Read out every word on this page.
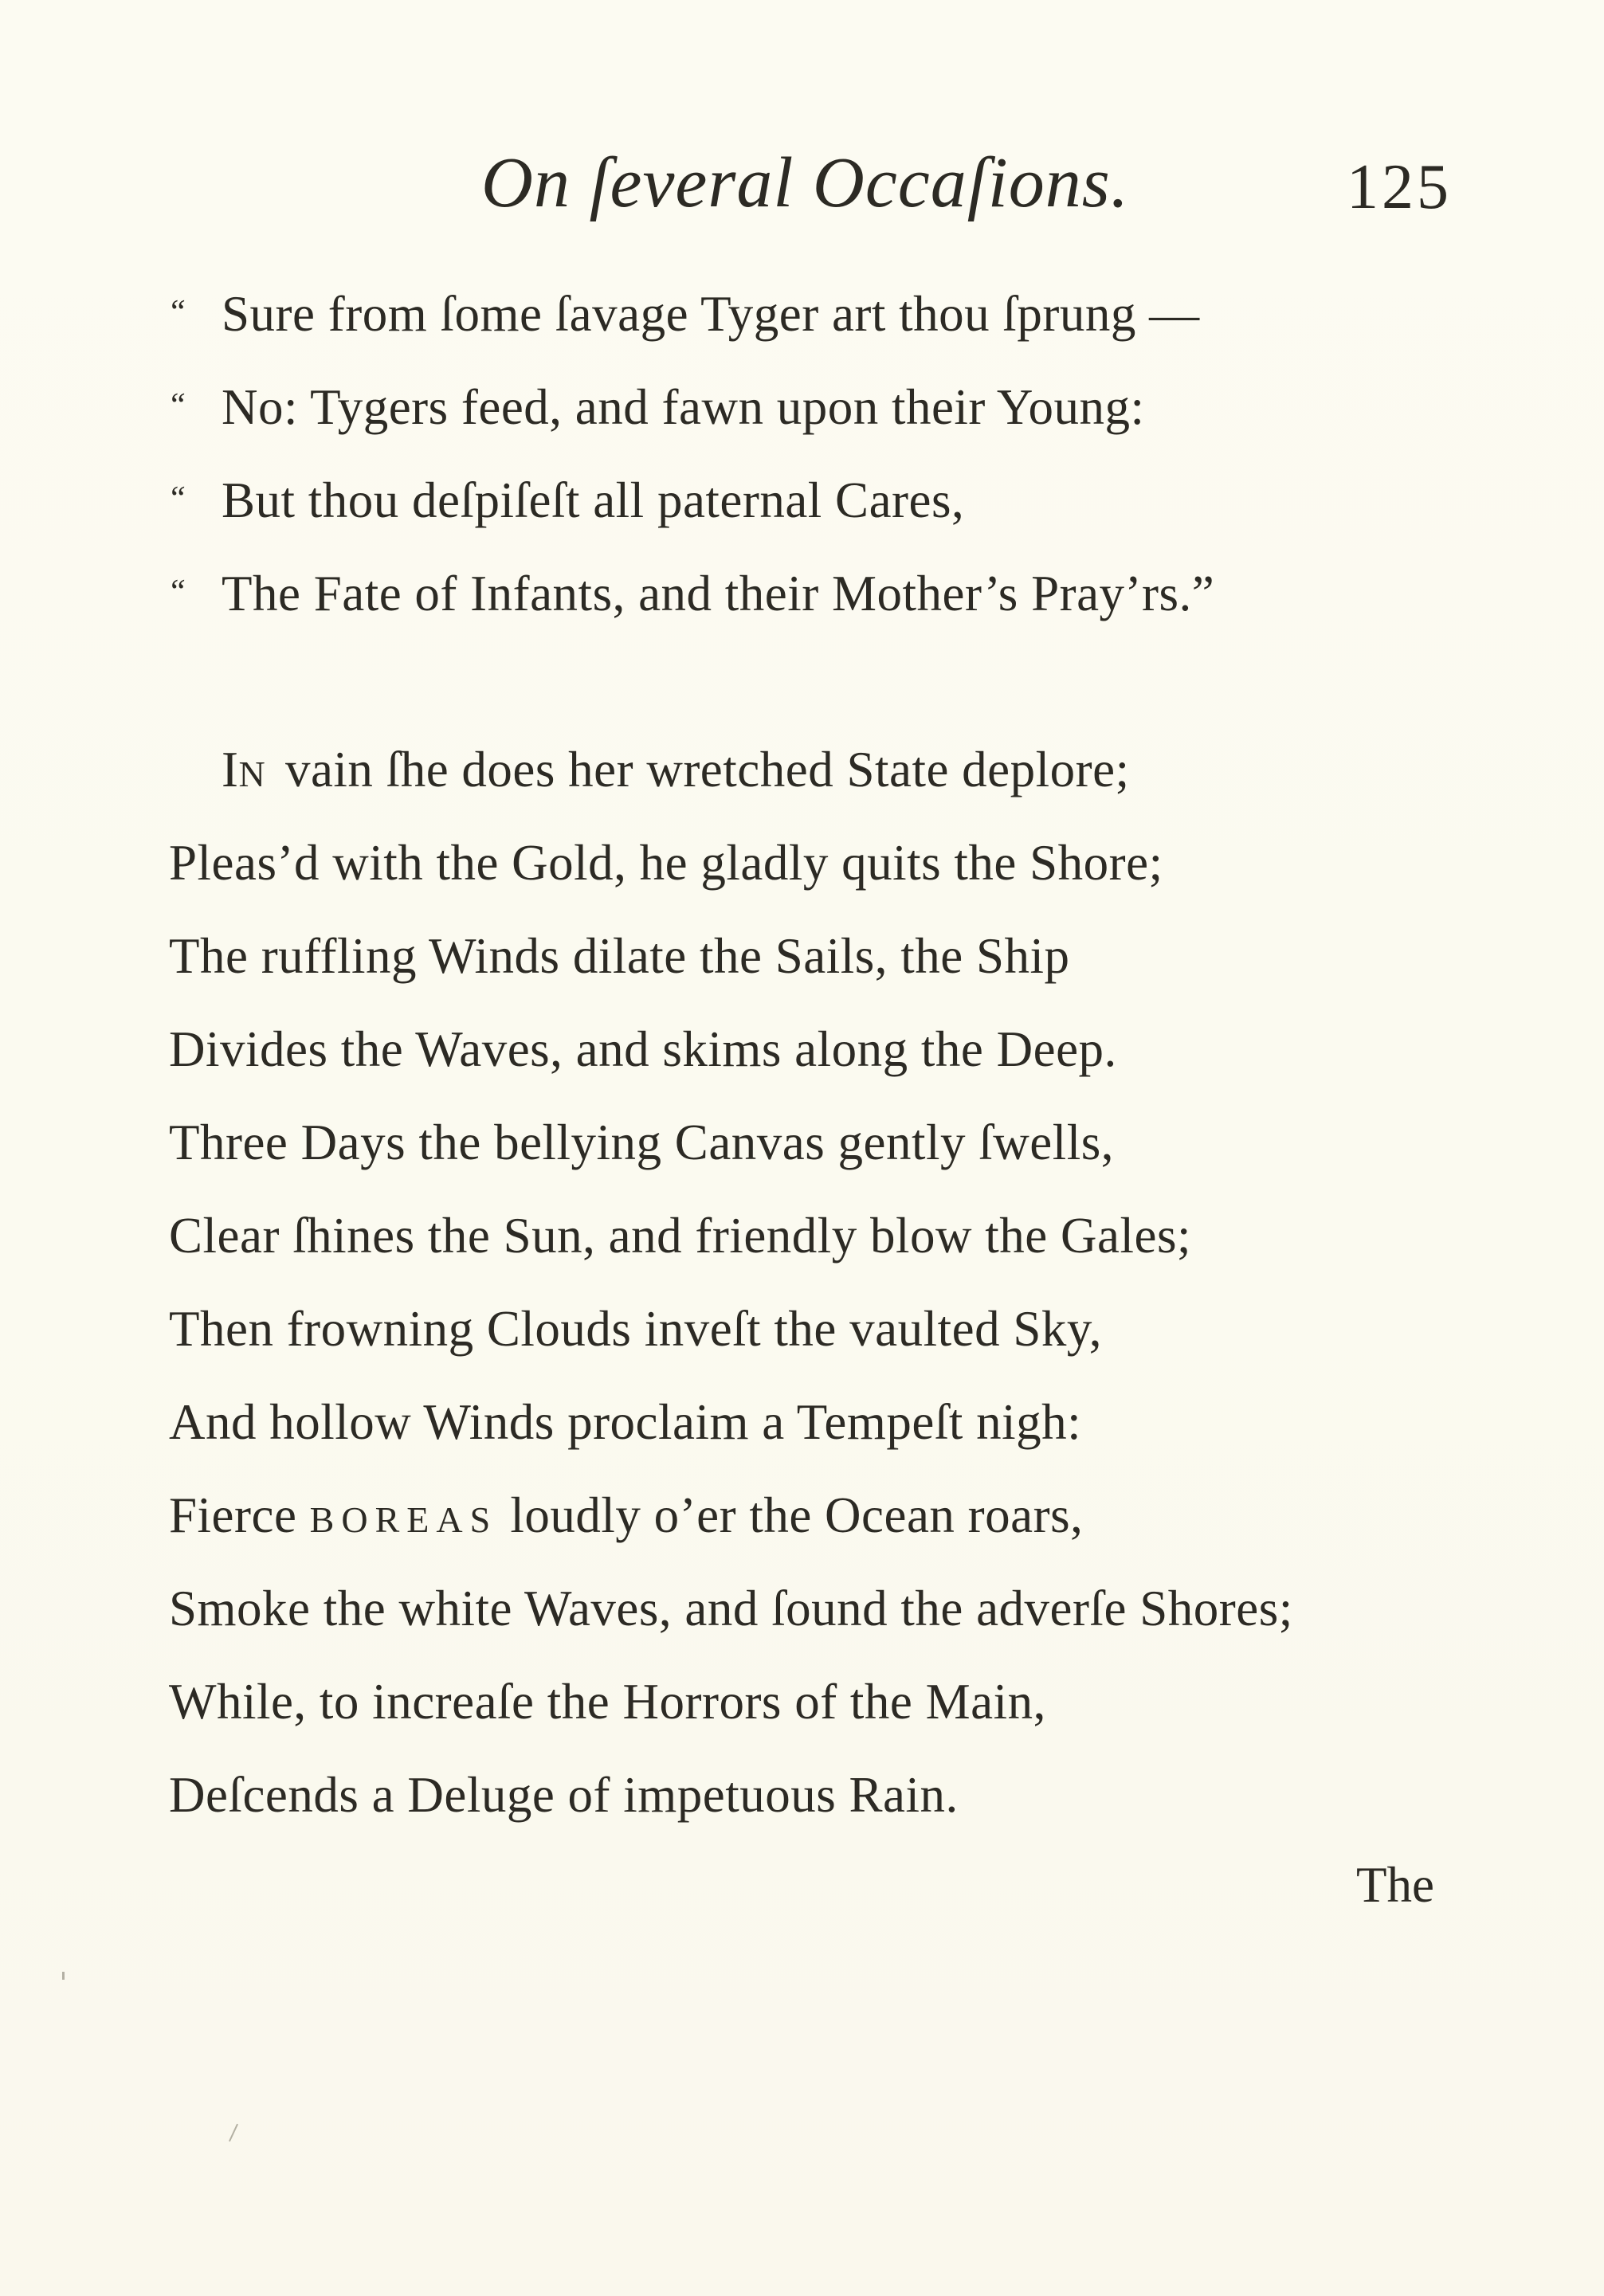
On ſeveral Occaſions.	125
“ Sure from ſome ſavage Tyger art thou ſprung —
“ No: Tygers feed, and fawn upon their Young:
“ But thou deſpiſeſt all paternal Cares,
“ The Fate of Infants, and their Mother’s Pray’rs.”
IN vain ſhe does her wretched State deplore;
Pleas’d with the Gold, he gladly quits the Shore;
The ruffling Winds dilate the Sails, the Ship
Divides the Waves, and skims along the Deep.
Three Days the bellying Canvas gently ſwells,
Clear ſhines the Sun, and friendly blow the Gales;
Then frowning Clouds inveſt the vaulted Sky,
And hollow Winds proclaim a Tempeſt nigh:
Fierce BOREAS loudly o’er the Ocean roars,
Smoke the white Waves, and ſound the adverſe Shores;
While, to increaſe the Horrors of the Main,
Deſcends a Deluge of impetuous Rain.
The
